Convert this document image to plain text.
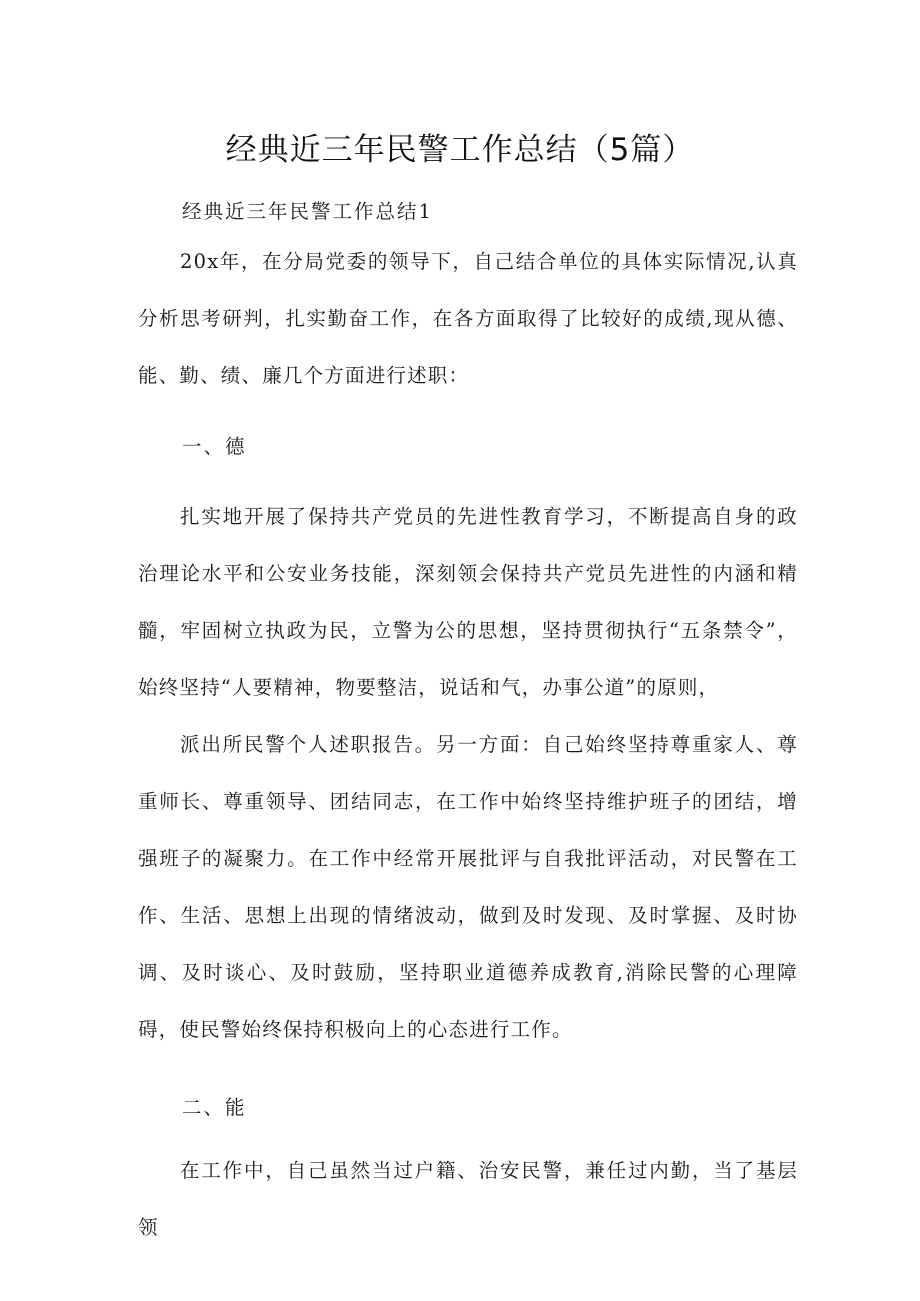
经典近三年民警工作总结（5篇）
经典近三年民警工作总结1

20x年，在分局党委的领导下，自己结合单位的具体实际情况,认真分析思考研判，扎实勤奋工作，在各方面取得了比较好的成绩,现从德、能、勤、绩、廉几个方面进行述职：

一、德

扎实地开展了保持共产党员的先进性教育学习，不断提高自身的政治理论水平和公安业务技能，深刻领会保持共产党员先进性的内涵和精髓，牢固树立执政为民，立警为公的思想，坚持贯彻执行“五条禁令”，始终坚持“人要精神，物要整洁，说话和气，办事公道”的原则，

派出所民警个人述职报告。另一方面：自己始终坚持尊重家人、尊重师长、尊重领导、团结同志，在工作中始终坚持维护班子的团结，增强班子的凝聚力。在工作中经常开展批评与自我批评活动，对民警在工作、生活、思想上出现的情绪波动，做到及时发现、及时掌握、及时协调、及时谈心、及时鼓励，坚持职业道德养成教育,消除民警的心理障碍，使民警始终保持积极向上的心态进行工作。

二、能

在工作中，自己虽然当过户籍、治安民警，兼任过内勤，当了基层领
